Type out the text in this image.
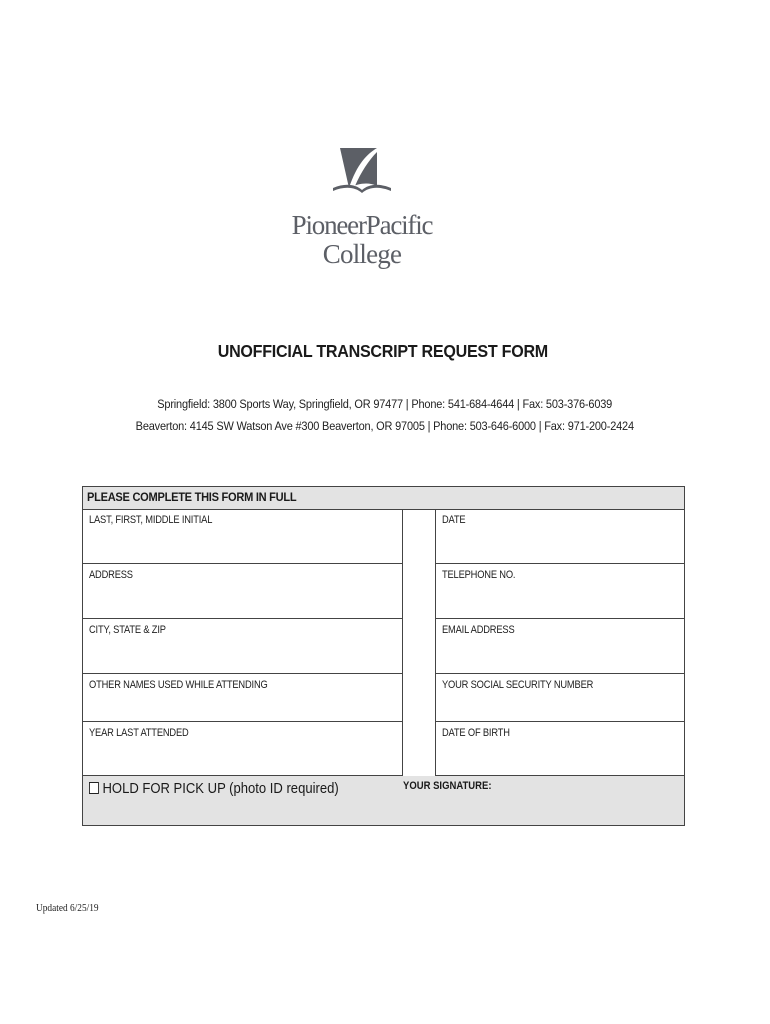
PioneerPacific
College
UNOFFICIAL TRANSCRIPT REQUEST FORM
Springfield: 3800 Sports Way, Springfield, OR 97477 | Phone: 541-684-4644 | Fax: 503-376-6039
Beaverton: 4145 SW Watson Ave #300 Beaverton, OR 97005 | Phone: 503-646-6000 | Fax: 971-200-2424
PLEASE COMPLETE THIS FORM IN FULL
LAST, FIRST, MIDDLE INITIAL	DATE
ADDRESS	TELEPHONE NO.
CITY, STATE & ZIP	EMAIL ADDRESS
OTHER NAMES USED WHILE ATTENDING	YOUR SOCIAL SECURITY NUMBER
YEAR LAST ATTENDED	DATE OF BIRTH
HOLD FOR PICK UP (photo ID required)	YOUR SIGNATURE:
Updated 6/25/19
